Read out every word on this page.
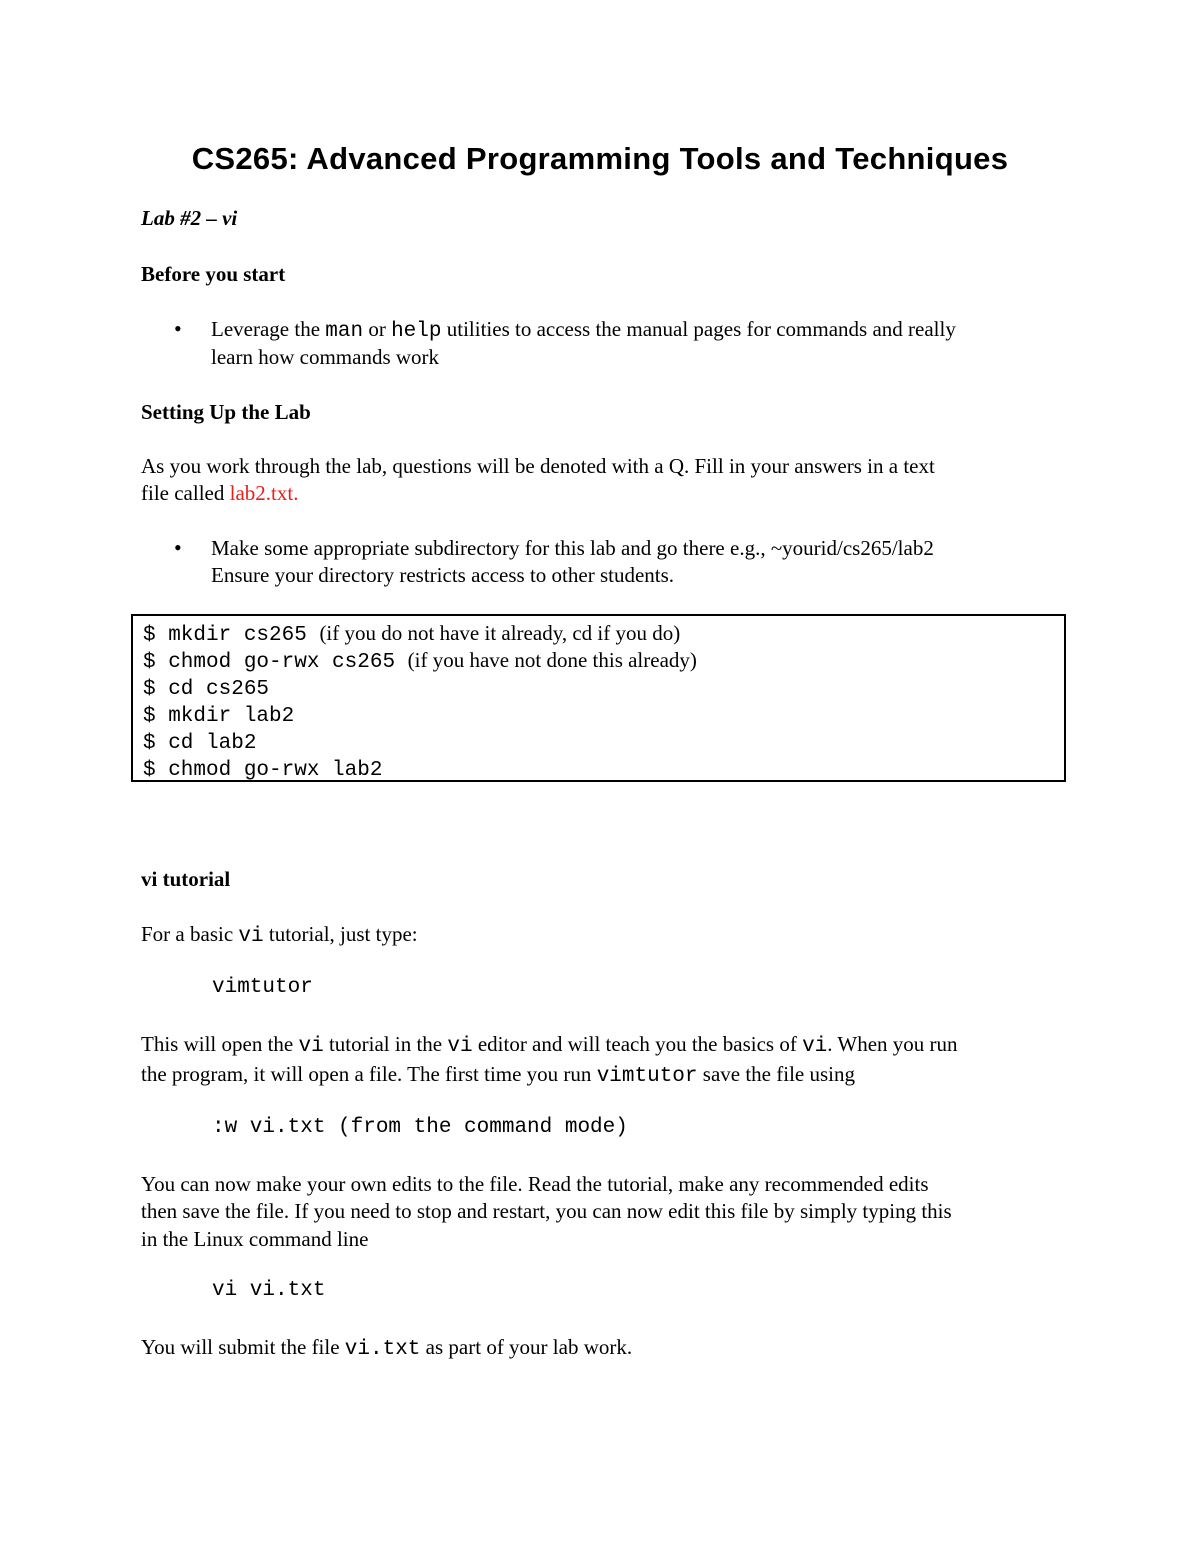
CS265: Advanced Programming Tools and Techniques
Lab #2 – vi
Before you start
• Leverage the man or help utilities to access the manual pages for commands and really
learn how commands work
Setting Up the Lab
As you work through the lab, questions will be denoted with a Q. Fill in your answers in a text
file called lab2.txt.
• Make some appropriate subdirectory for this lab and go there e.g., ~yourid/cs265/lab2
Ensure your directory restricts access to other students.
$ mkdir cs265 (if you do not have it already, cd if you do)
$ chmod go-rwx cs265 (if you have not done this already)
$ cd cs265
$ mkdir lab2
$ cd lab2
$ chmod go-rwx lab2
vi tutorial
For a basic vi tutorial, just type:
vimtutor
This will open the vi tutorial in the vi editor and will teach you the basics of vi. When you run
the program, it will open a file. The first time you run vimtutor save the file using
:w vi.txt (from the command mode)
You can now make your own edits to the file. Read the tutorial, make any recommended edits
then save the file. If you need to stop and restart, you can now edit this file by simply typing this
in the Linux command line
vi vi.txt
You will submit the file vi.txt as part of your lab work.
